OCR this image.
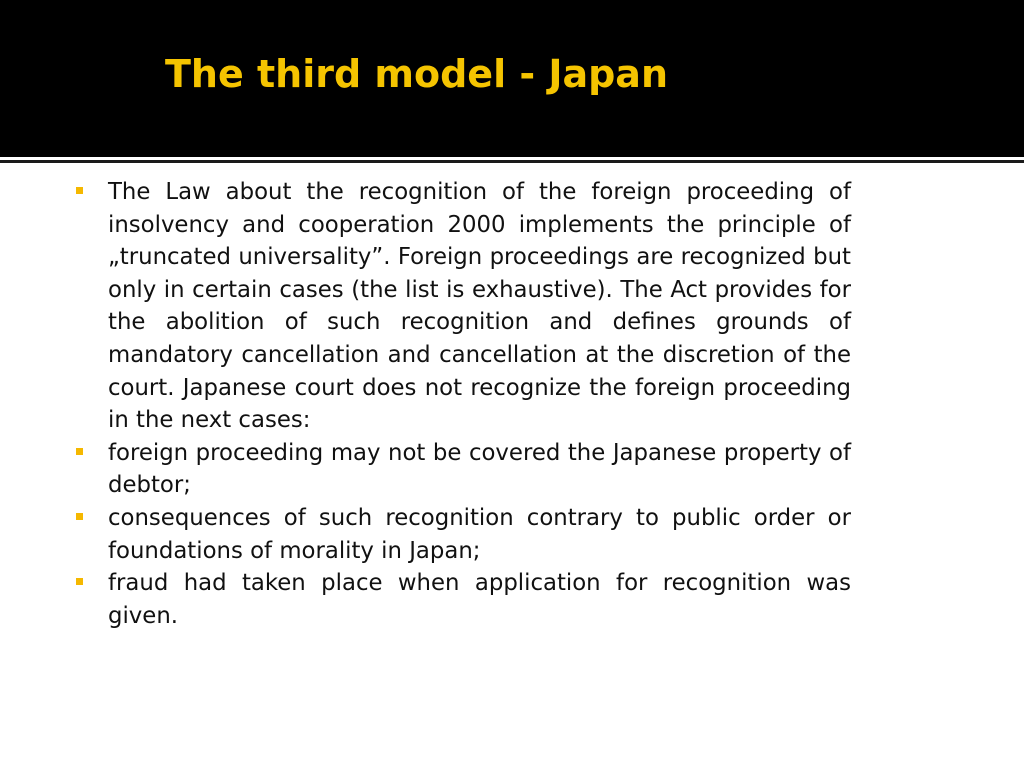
The third model - Japan
The Law about the recognition of the foreign proceeding of insolvency and cooperation 2000 implements the principle of „truncated universality”. Foreign proceedings are recognized but only in certain cases (the list is exhaustive). The Act provides for the abolition of such recognition and defines grounds of mandatory cancellation and cancellation at the discretion of the court. Japanese court does not recognize the foreign proceeding in the next cases:
foreign proceeding may not be covered the Japanese property of debtor;
consequences of such recognition contrary to public order or foundations of morality in Japan;
fraud had taken place when application for recognition was given.
